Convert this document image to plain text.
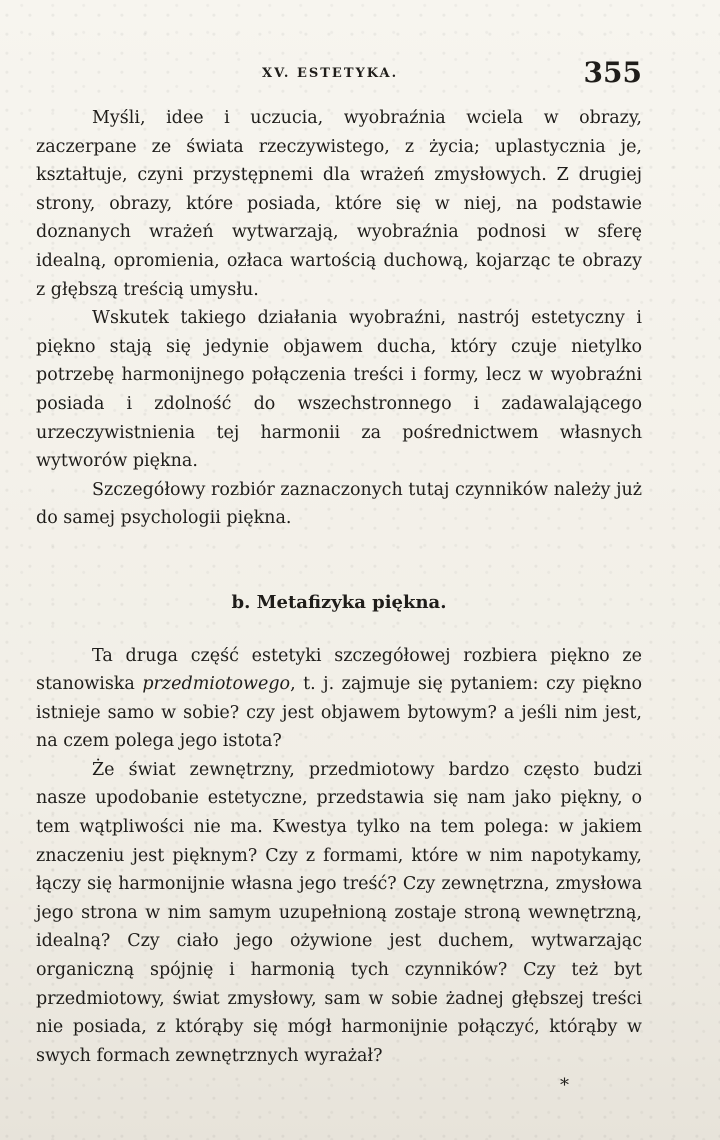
XV. ESTETYKA.	355

Myśli, idee i uczucia, wyobraźnia wciela w obrazy, zaczerpane ze świata rzeczywistego, z życia; uplastycznia je, kształtuje, czyni przystępnemi dla wrażeń zmysłowych. Z drugiej strony, obrazy, które posiada, które się w niej, na podstawie doznanych wrażeń wytwarzają, wyobraźnia podnosi w sferę idealną, opromienia, ozłaca wartością duchową, kojarząc te obrazy z głębszą treścią umysłu.

Wskutek takiego działania wyobraźni, nastrój estetyczny i piękno stają się jedynie objawem ducha, który czuje nietylko potrzebę harmonijnego połączenia treści i formy, lecz w wyobraźni posiada i zdolność do wszechstronnego i zadawalającego urzeczywistnienia tej harmonii za pośrednictwem własnych wytworów piękna.

Szczegółowy rozbiór zaznaczonych tutaj czynników należy już do samej psychologii piękna.

b. Metafizyka piękna.

Ta druga część estetyki szczegółowej rozbiera piękno ze stanowiska przedmiotowego, t. j. zajmuje się pytaniem: czy piękno istnieje samo w sobie? czy jest objawem bytowym? a jeśli nim jest, na czem polega jego istota?

Że świat zewnętrzny, przedmiotowy bardzo często budzi nasze upodobanie estetyczne, przedstawia się nam jako piękny, o tem wątpliwości nie ma. Kwestya tylko na tem polega: w jakiem znaczeniu jest pięknym? Czy z formami, które w nim napotykamy, łączy się harmonijnie własna jego treść? Czy zewnętrzna, zmysłowa jego strona w nim samym uzupełnioną zostaje stroną wewnętrzną, idealną? Czy ciało jego ożywione jest duchem, wytwarzając organiczną spójnię i harmonią tych czynników? Czy też byt przedmiotowy, świat zmysłowy, sam w sobie żadnej głębszej treści nie posiada, z którąby się mógł harmonijnie połączyć, którąby w swych formach zewnętrznych wyrażał?

*
